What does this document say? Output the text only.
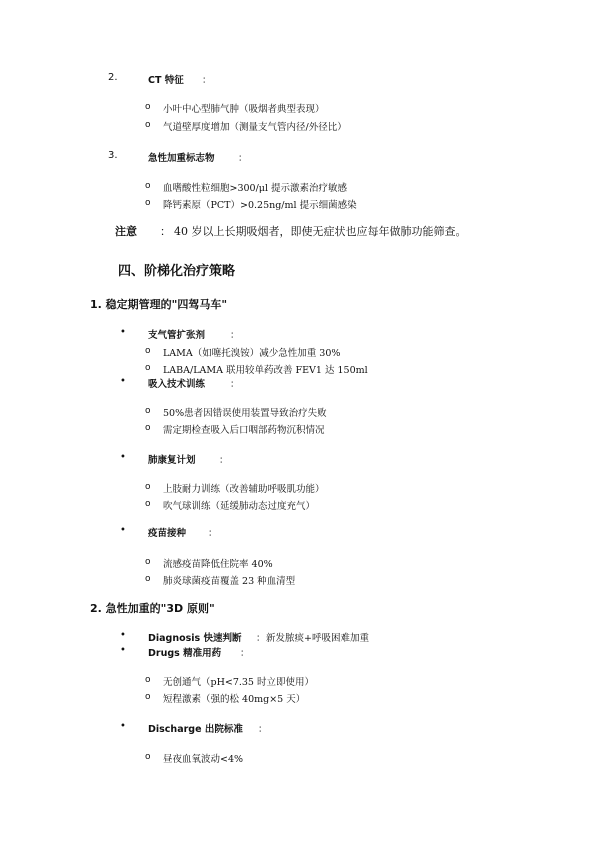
2.	CT 特征 ：
o 小叶中心型肺气肿（吸烟者典型表现）
o 气道壁厚度增加（测量支气管内径/外径比）
3.	急性加重标志物 ：
o 血嗜酸性粒细胞>300/μl 提示激素治疗敏感
o 降钙素原（PCT）>0.25ng/ml 提示细菌感染
注意 ： 40 岁以上长期吸烟者，即使无症状也应每年做肺功能筛查。
四、阶梯化治疗策略
1. 稳定期管理的"四驾马车"
• 支气管扩张剂	：
o LAMA（如噻托溴铵）减少急性加重 30%
o LABA/LAMA 联用较单药改善 FEV1 达 150ml
• 吸入技术训练	：
o 50%患者因错误使用装置导致治疗失败
o 需定期检查吸入后口咽部药物沉积情况
• 肺康复计划 ：
o 上肢耐力训练（改善辅助呼吸肌功能）
o 吹气球训练（延缓肺动态过度充气）
• 疫苗接种 ：
o 流感疫苗降低住院率 40%
o 肺炎球菌疫苗覆盖 23 种血清型
2. 急性加重的"3D 原则"
• Diagnosis 快速判断 ： 新发脓痰+呼吸困难加重
• Drugs 精准用药 ：
o 无创通气（pH<7.35 时立即使用）
o 短程激素（强的松 40mg×5 天）
• Discharge 出院标准 ：
o 昼夜血氧波动<4%
